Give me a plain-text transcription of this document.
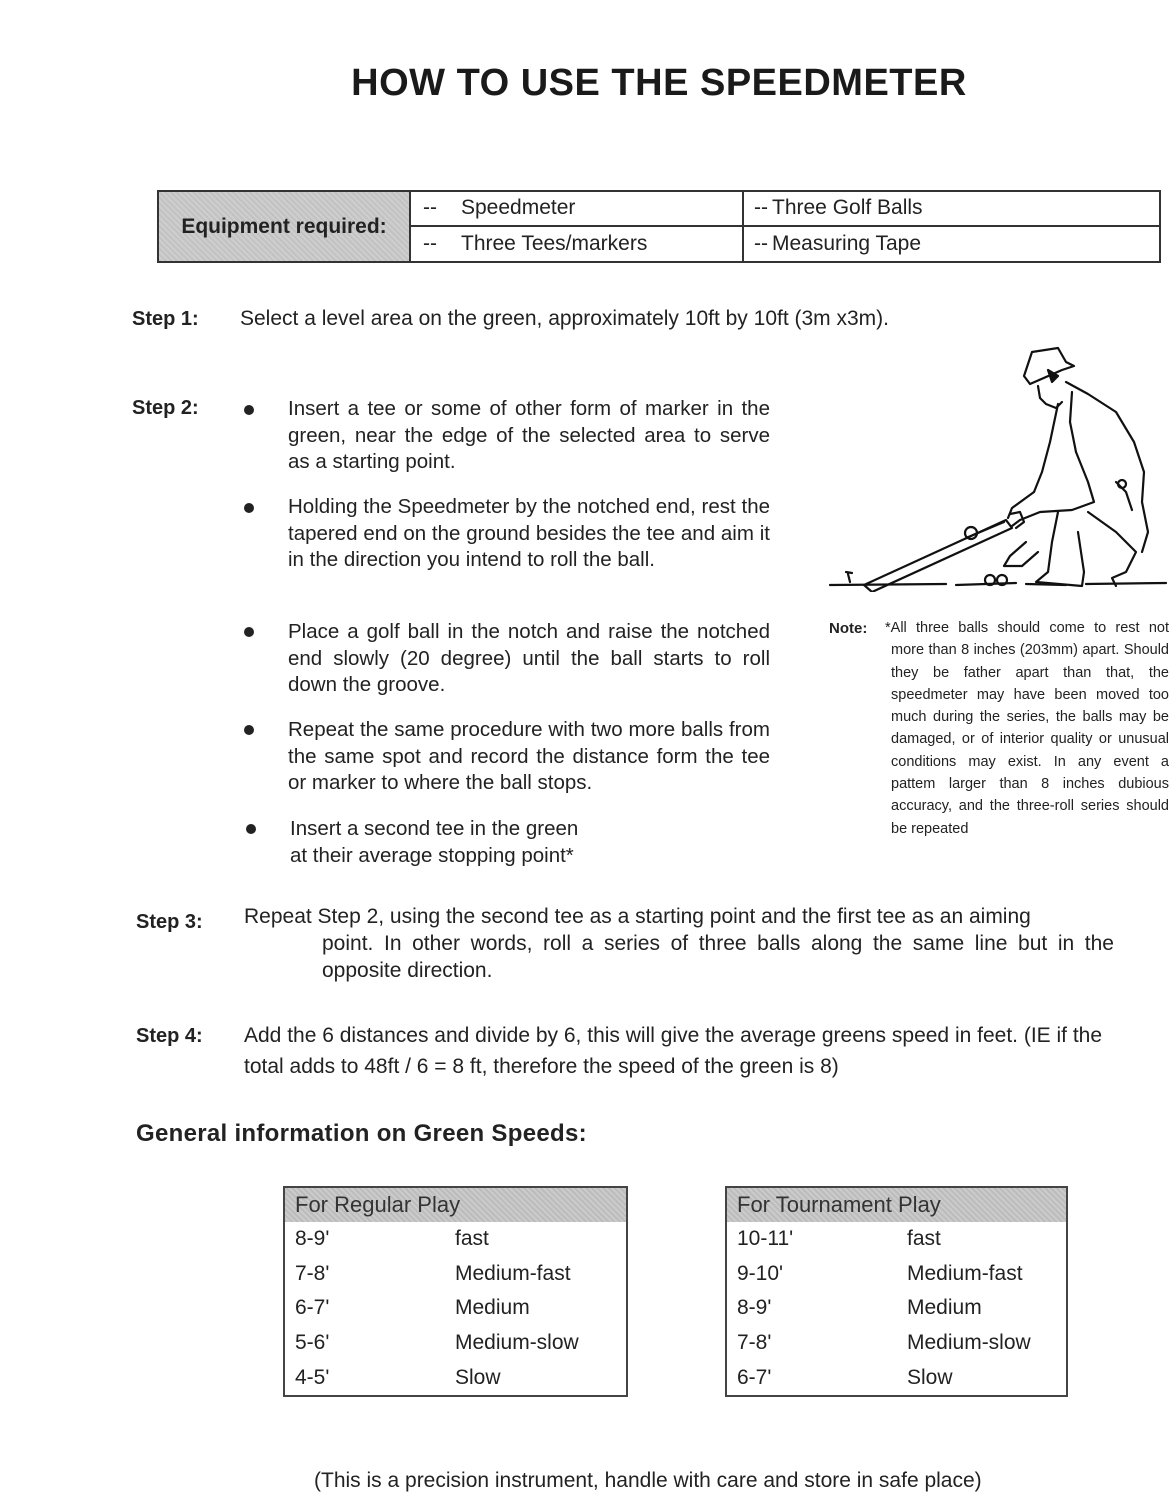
HOW TO USE THE SPEEDMETER
Equipment required:
--	Speedmeter	-- Three Golf Balls
--	Three Tees/markers	-- Measuring Tape
Step 1: Select a level area on the green, approximately 10ft by 10ft (3m x3m).
Step 2:	Insert a tee or some of other form of marker in the green, near the edge of the selected area to serve as a starting point.
Holding the Speedmeter by the notched end, rest the tapered end on the ground besides the tee and aim it in the direction you intend to roll the ball.
Place a golf ball in the notch and raise the notched end slowly (20 degree) until the ball starts to roll down the groove.
Repeat the same procedure with two more balls from the same spot and record the distance form the tee or marker to where the ball stops.
Insert a second tee in the green at their average stopping point*
Note: *All three balls should come to rest not more than 8 inches (203mm) apart. Should they be father apart than that, the speedmeter may have been moved too much during the series, the balls may be damaged, or of interior quality or unusual conditions may exist. In any event a pattem larger than 8 inches dubious accuracy, and the three-roll series should be repeated
Step 3: Repeat Step 2, using the second tee as a starting point and the first tee as an aiming
point. In other words, roll a series of three balls along the same line but in the opposite direction.
Step 4: Add the 6 distances and divide by 6, this will give the average greens speed in feet. (IE if the total adds to 48ft / 6 = 8 ft, therefore the speed of the green is 8)
General information on Green Speeds:
For Regular Play
8-9'	fast
7-8'	Medium-fast
6-7'	Medium
5-6'	Medium-slow
4-5'	Slow
For Tournament Play
10-11'	fast
9-10'	Medium-fast
8-9'	Medium
7-8'	Medium-slow
6-7'	Slow
(This is a precision instrument, handle with care and store in safe place)
